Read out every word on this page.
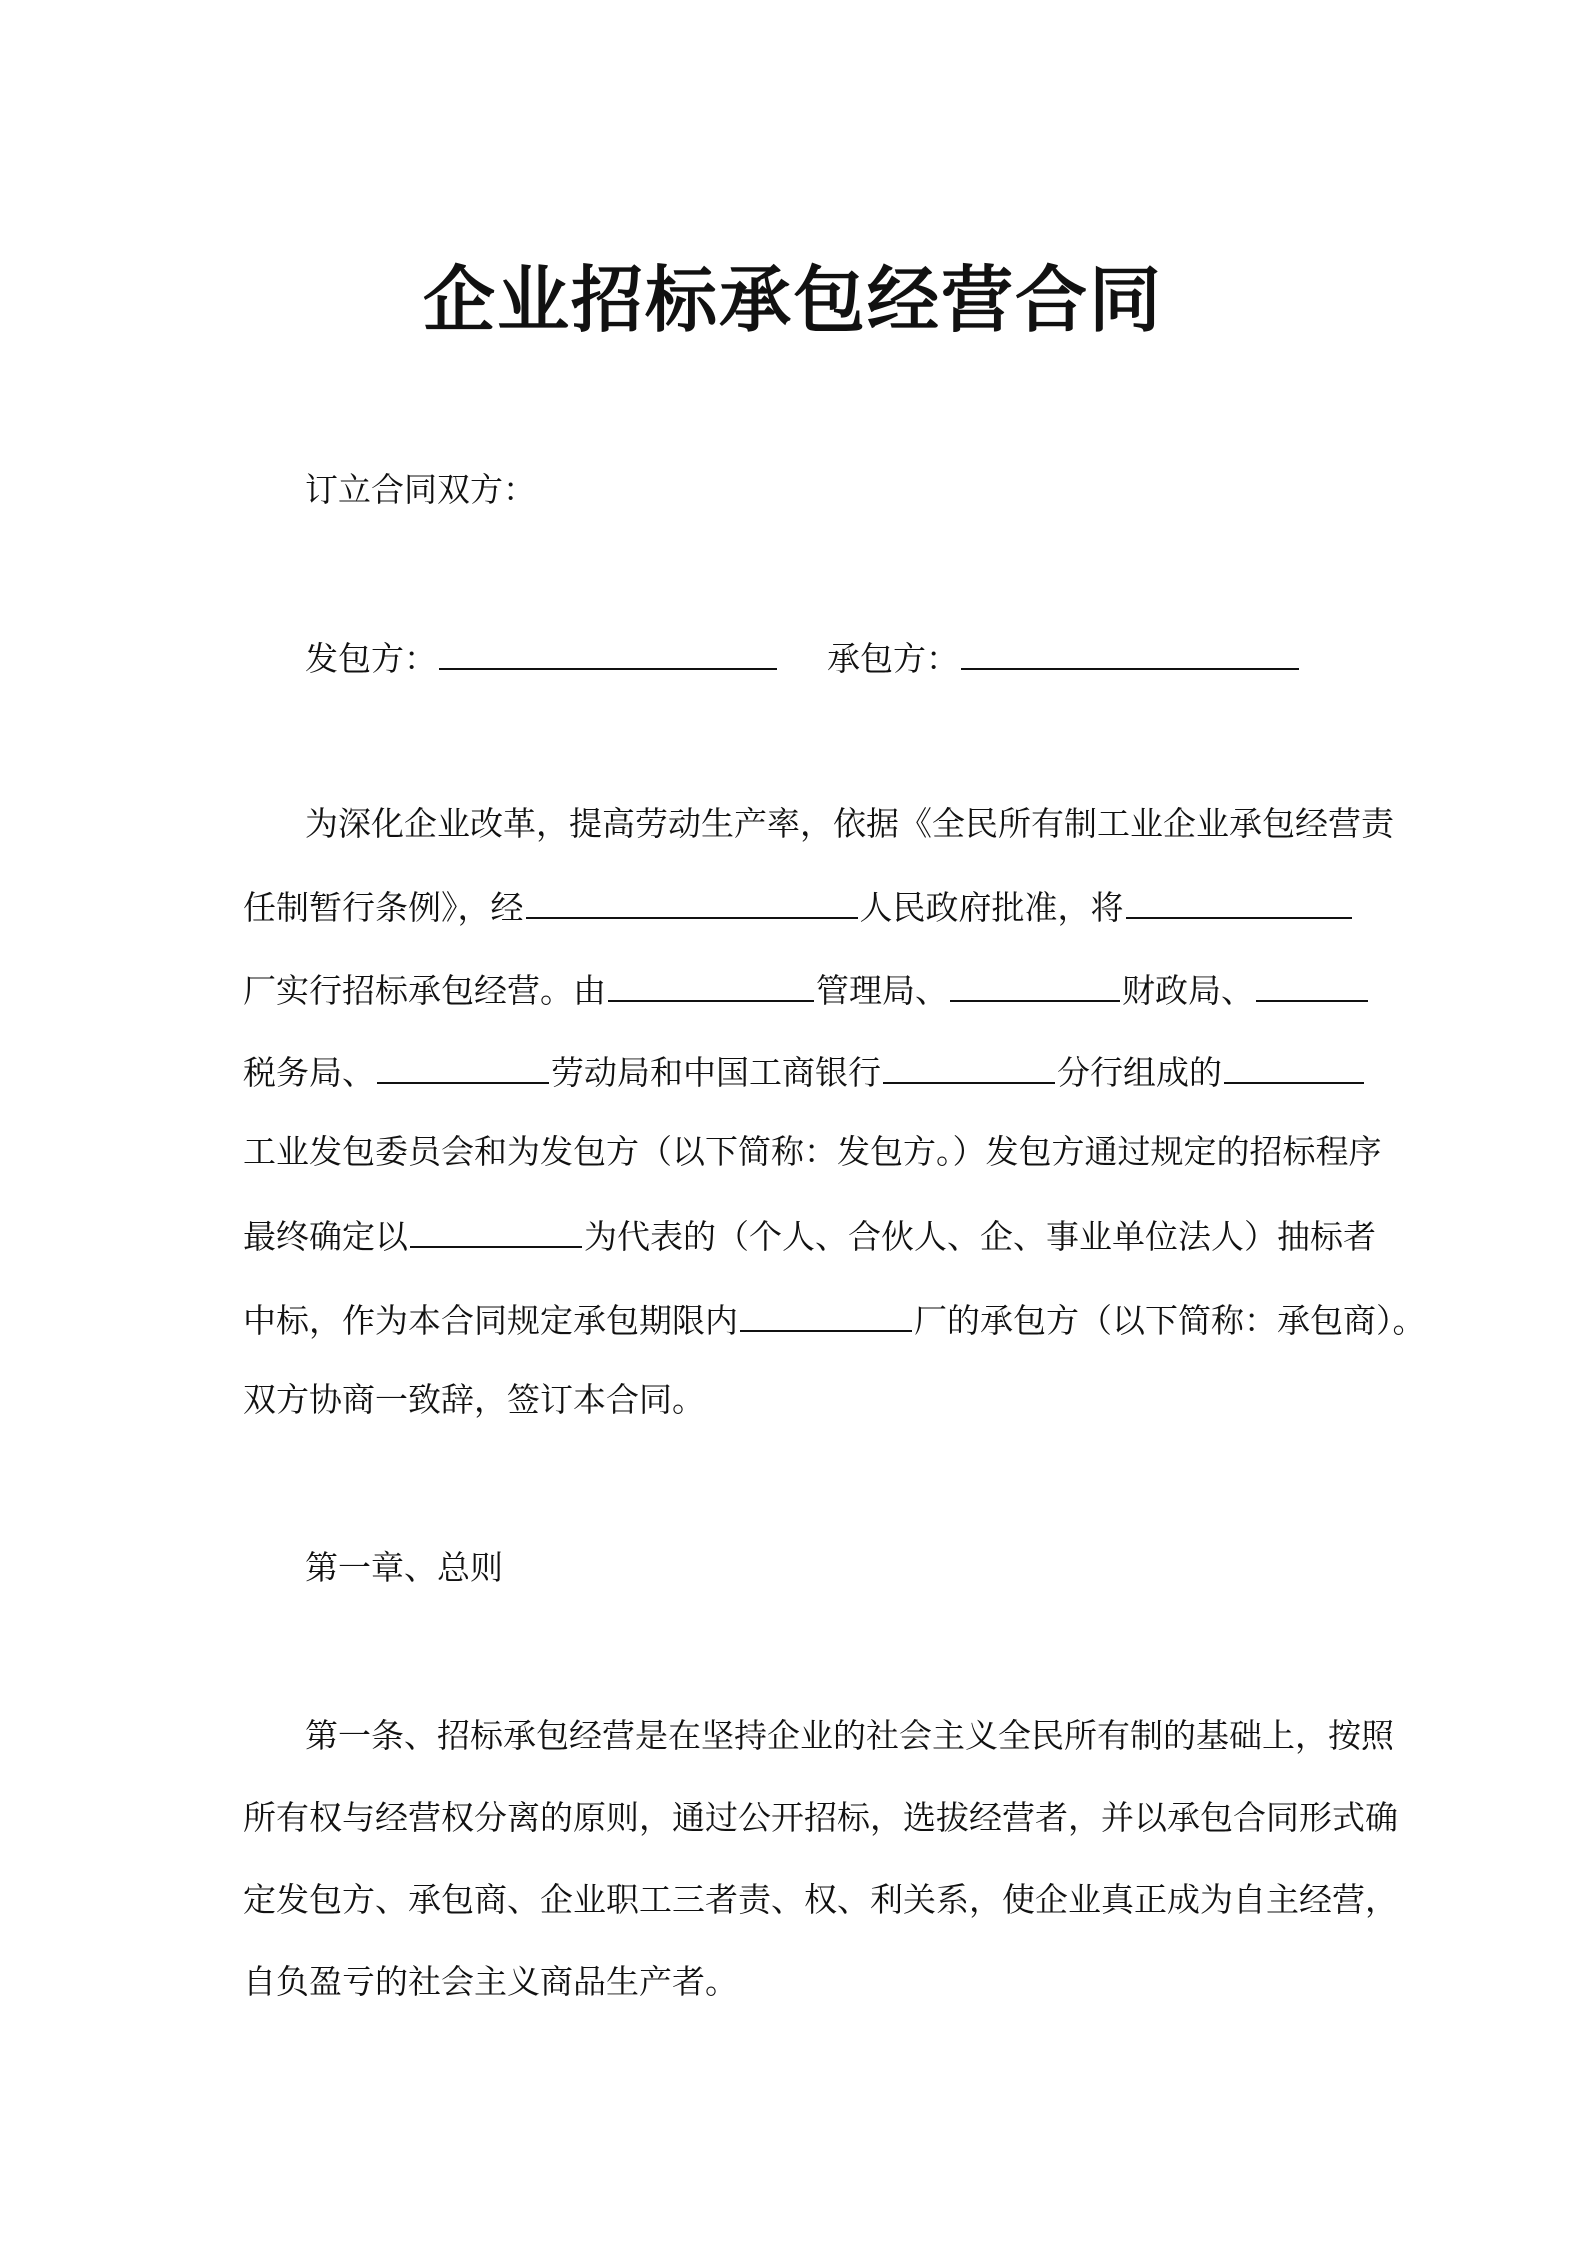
企业招标承包经营合同
订立合同双方：
发包方：	承包方：
为深化企业改革，提高劳动生产率，依据《全民所有制工业企业承包经营责
任制暂行条例》，经	人民政府批准，将
厂实行招标承包经营。由	管理局、	财政局、
税务局、	劳动局和中国工商银行	分行组成的
工业发包委员会和为发包方（以下简称：发包方。）发包方通过规定的招标程序
最终确定以	为代表的（个人、合伙人、企、事业单位法人）抽标者
中标，作为本合同规定承包期限内	厂的承包方（以下简称：承包商）。
双方协商一致辞，签订本合同。
第一章、总则
第一条、招标承包经营是在坚持企业的社会主义全民所有制的基础上，按照
所有权与经营权分离的原则，通过公开招标，选拔经营者，并以承包合同形式确
定发包方、承包商、企业职工三者责、权、利关系，使企业真正成为自主经营，
自负盈亏的社会主义商品生产者。
